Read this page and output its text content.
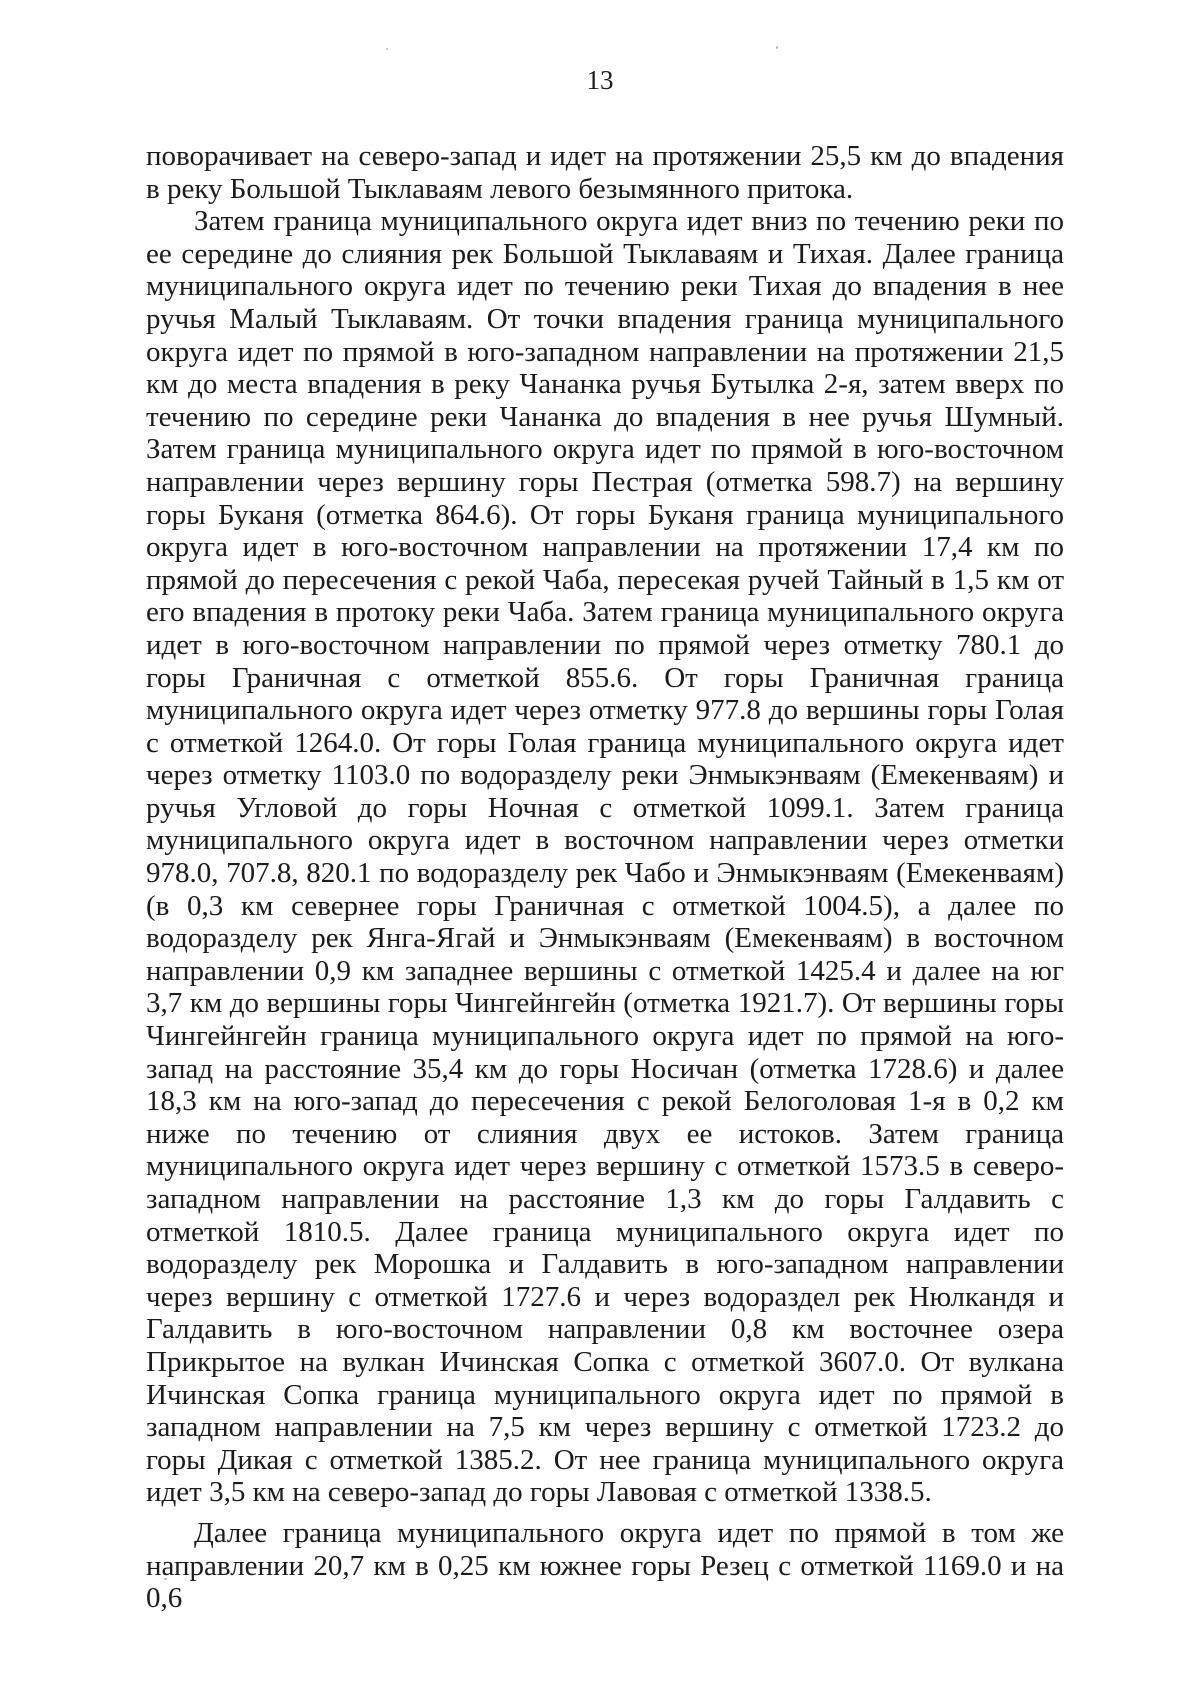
13

поворачивает на северо-запад и идет на протяжении 25,5 км до впадения в реку Большой Тыклаваям левого безымянного притока.

Затем граница муниципального округа идет вниз по течению реки по ее середине до слияния рек Большой Тыклаваям и Тихая. Далее граница муниципального округа идет по течению реки Тихая до впадения в нее ручья Малый Тыклаваям. От точки впадения граница муниципального округа идет по прямой в юго-западном направлении на протяжении 21,5 км до места впадения в реку Чананка ручья Бутылка 2-я, затем вверх по течению по середине реки Чананка до впадения в нее ручья Шумный. Затем граница муниципального округа идет по прямой в юго-восточном направлении через вершину горы Пестрая (отметка 598.7) на вершину горы Буканя (отметка 864.6). От горы Буканя граница муниципального округа идет в юго-восточном направлении на протяжении 17,4 км по прямой до пересечения с рекой Чаба, пересекая ручей Тайный в 1,5 км от его впадения в протоку реки Чаба. Затем граница муниципального округа идет в юго-восточном направлении по прямой через отметку 780.1 до горы Граничная с отметкой 855.6. От горы Граничная граница муниципального округа идет через отметку 977.8 до вершины горы Голая с отметкой 1264.0. От горы Голая граница муниципального округа идет через отметку 1103.0 по водоразделу реки Энмыкэнваям (Емекенваям) и ручья Угловой до горы Ночная с отметкой 1099.1. Затем граница муниципального округа идет в восточном направлении через отметки 978.0, 707.8, 820.1 по водоразделу рек Чабо и Энмыкэнваям (Емекенваям) (в 0,3 км севернее горы Граничная с отметкой 1004.5), а далее по водоразделу рек Янга-Ягай и Энмыкэнваям (Емекенваям) в восточном направлении 0,9 км западнее вершины с отметкой 1425.4 и далее на юг 3,7 км до вершины горы Чингейнгейн (отметка 1921.7). От вершины горы Чингейнгейн граница муниципального округа идет по прямой на юго-запад на расстояние 35,4 км до горы Носичан (отметка 1728.6) и далее 18,3 км на юго-запад до пересечения с рекой Белоголовая 1-я в 0,2 км ниже по течению от слияния двух ее истоков. Затем граница муниципального округа идет через вершину с отметкой 1573.5 в северо-западном направлении на расстояние 1,3 км до горы Галдавить с отметкой 1810.5. Далее граница муниципального округа идет по водоразделу рек Морошка и Галдавить в юго-западном направлении через вершину с отметкой 1727.6 и через водораздел рек Нюлкандя и Галдавить в юго-восточном направлении 0,8 км восточнее озера Прикрытое на вулкан Ичинская Сопка с отметкой 3607.0. От вулкана Ичинская Сопка граница муниципального округа идет по прямой в западном направлении на 7,5 км через вершину с отметкой 1723.2 до горы Дикая с отметкой 1385.2. От нее граница муниципального округа идет 3,5 км на северо-запад до горы Лавовая с отметкой 1338.5.

Далее граница муниципального округа идет по прямой в том же направлении 20,7 км в 0,25 км южнее горы Резец с отметкой 1169.0 и на 0,6
